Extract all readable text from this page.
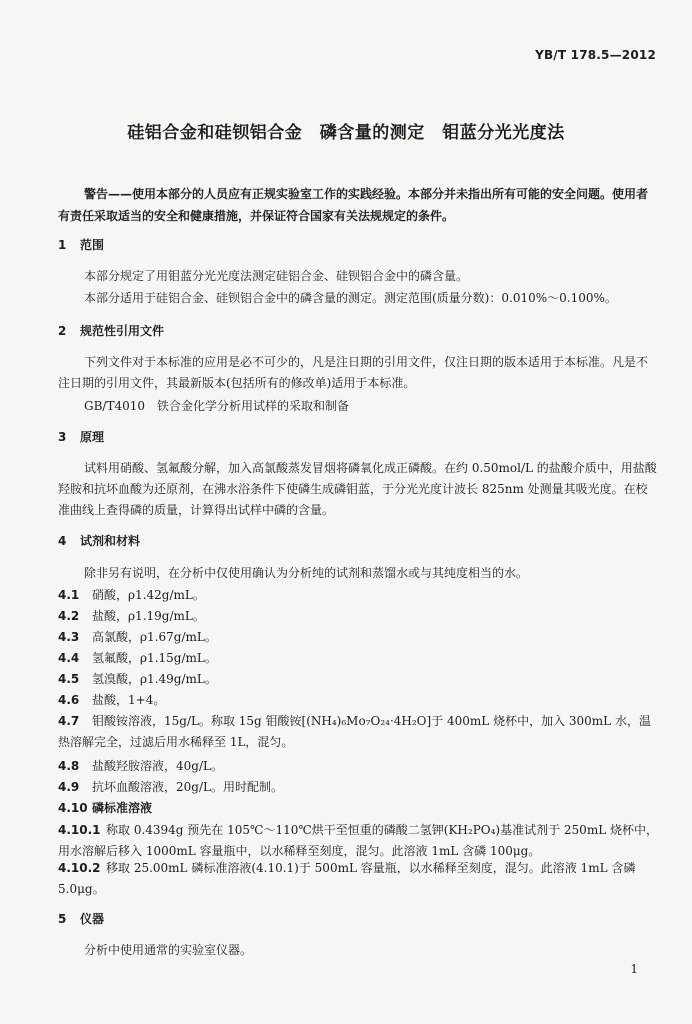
YB/T 178.5—2012
硅铝合金和硅钡铝合金　磷含量的测定　钼蓝分光光度法
警告——使用本部分的人员应有正规实验室工作的实践经验。本部分并未指出所有可能的安全问题。使用者有责任采取适当的安全和健康措施，并保证符合国家有关法规规定的条件。
1 范围
本部分规定了用钼蓝分光光度法测定硅铝合金、硅钡铝合金中的磷含量。
本部分适用于硅铝合金、硅钡铝合金中的磷含量的测定。测定范围(质量分数)：0.010%～0.100%。
2 规范性引用文件
下列文件对于本标准的应用是必不可少的，凡是注日期的引用文件，仅注日期的版本适用于本标准。凡是不注日期的引用文件，其最新版本(包括所有的修改单)适用于本标准。
GB/T4010　铁合金化学分析用试样的采取和制备
3 原理
试料用硝酸、氢氟酸分解，加入高氯酸蒸发冒烟将磷氧化成正磷酸。在约 0.50mol/L 的盐酸介质中，用盐酸羟胺和抗坏血酸为还原剂，在沸水浴条件下使磷生成磷钼蓝，于分光光度计波长 825nm 处测量其吸光度。在校准曲线上查得磷的质量，计算得出试样中磷的含量。
4 试剂和材料
除非另有说明，在分析中仅使用确认为分析纯的试剂和蒸馏水或与其纯度相当的水。
4.1 硝酸，ρ1.42g/mL。
4.2 盐酸，ρ1.19g/mL。
4.3 高氯酸，ρ1.67g/mL。
4.4 氢氟酸，ρ1.15g/mL。
4.5 氢溴酸，ρ1.49g/mL。
4.6 盐酸，1+4。
4.7 钼酸铵溶液，15g/L。称取 15g 钼酸铵[(NH₄)₆Mo₇O₂₄·4H₂O]于 400mL 烧杯中，加入 300mL 水，温热溶解完全，过滤后用水稀释至 1L，混匀。
4.8 盐酸羟胺溶液，40g/L。
4.9 抗坏血酸溶液，20g/L。用时配制。
4.10 磷标准溶液
4.10.1 称取 0.4394g 预先在 105℃～110℃烘干至恒重的磷酸二氢钾(KH₂PO₄)基准试剂于 250mL 烧杯中，用水溶解后移入 1000mL 容量瓶中，以水稀释至刻度，混匀。此溶液 1mL 含磷 100μg。
4.10.2 移取 25.00mL 磷标准溶液(4.10.1)于 500mL 容量瓶，以水稀释至刻度，混匀。此溶液 1mL 含磷 5.0μg。
5 仪器
分析中使用通常的实验室仪器。
1
